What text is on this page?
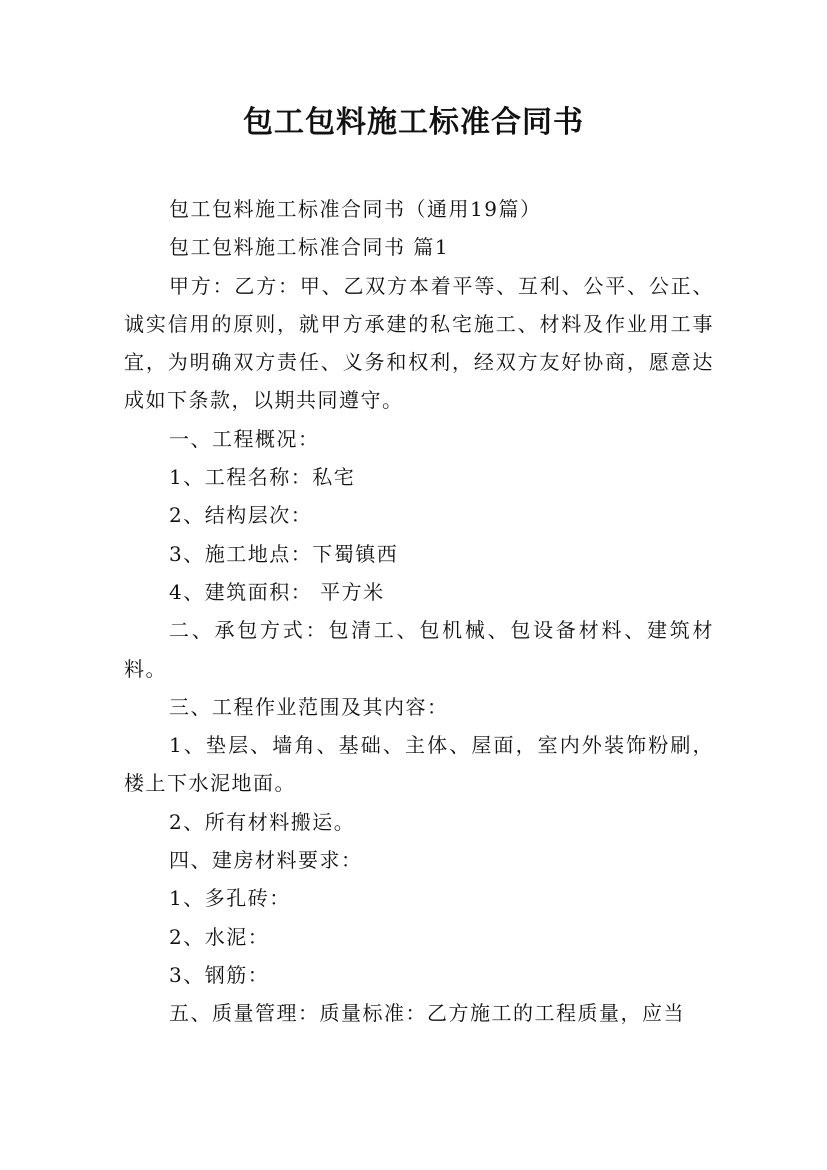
包工包料施工标准合同书

包工包料施工标准合同书（通用19篇）

包工包料施工标准合同书 篇1

甲方：乙方：甲、乙双方本着平等、互利、公平、公正、诚实信用的原则，就甲方承建的私宅施工、材料及作业用工事宜，为明确双方责任、义务和权利，经双方友好协商，愿意达成如下条款，以期共同遵守。

一、工程概况：

1、工程名称：私宅

2、结构层次：

3、施工地点：下蜀镇西

4、建筑面积： 平方米

二、承包方式：包清工、包机械、包设备材料、建筑材料。

三、工程作业范围及其内容：

1、垫层、墙角、基础、主体、屋面，室内外装饰粉刷，楼上下水泥地面。

2、所有材料搬运。

四、建房材料要求：

1、多孔砖：

2、水泥：

3、钢筋：

五、质量管理：质量标准：乙方施工的工程质量，应当
